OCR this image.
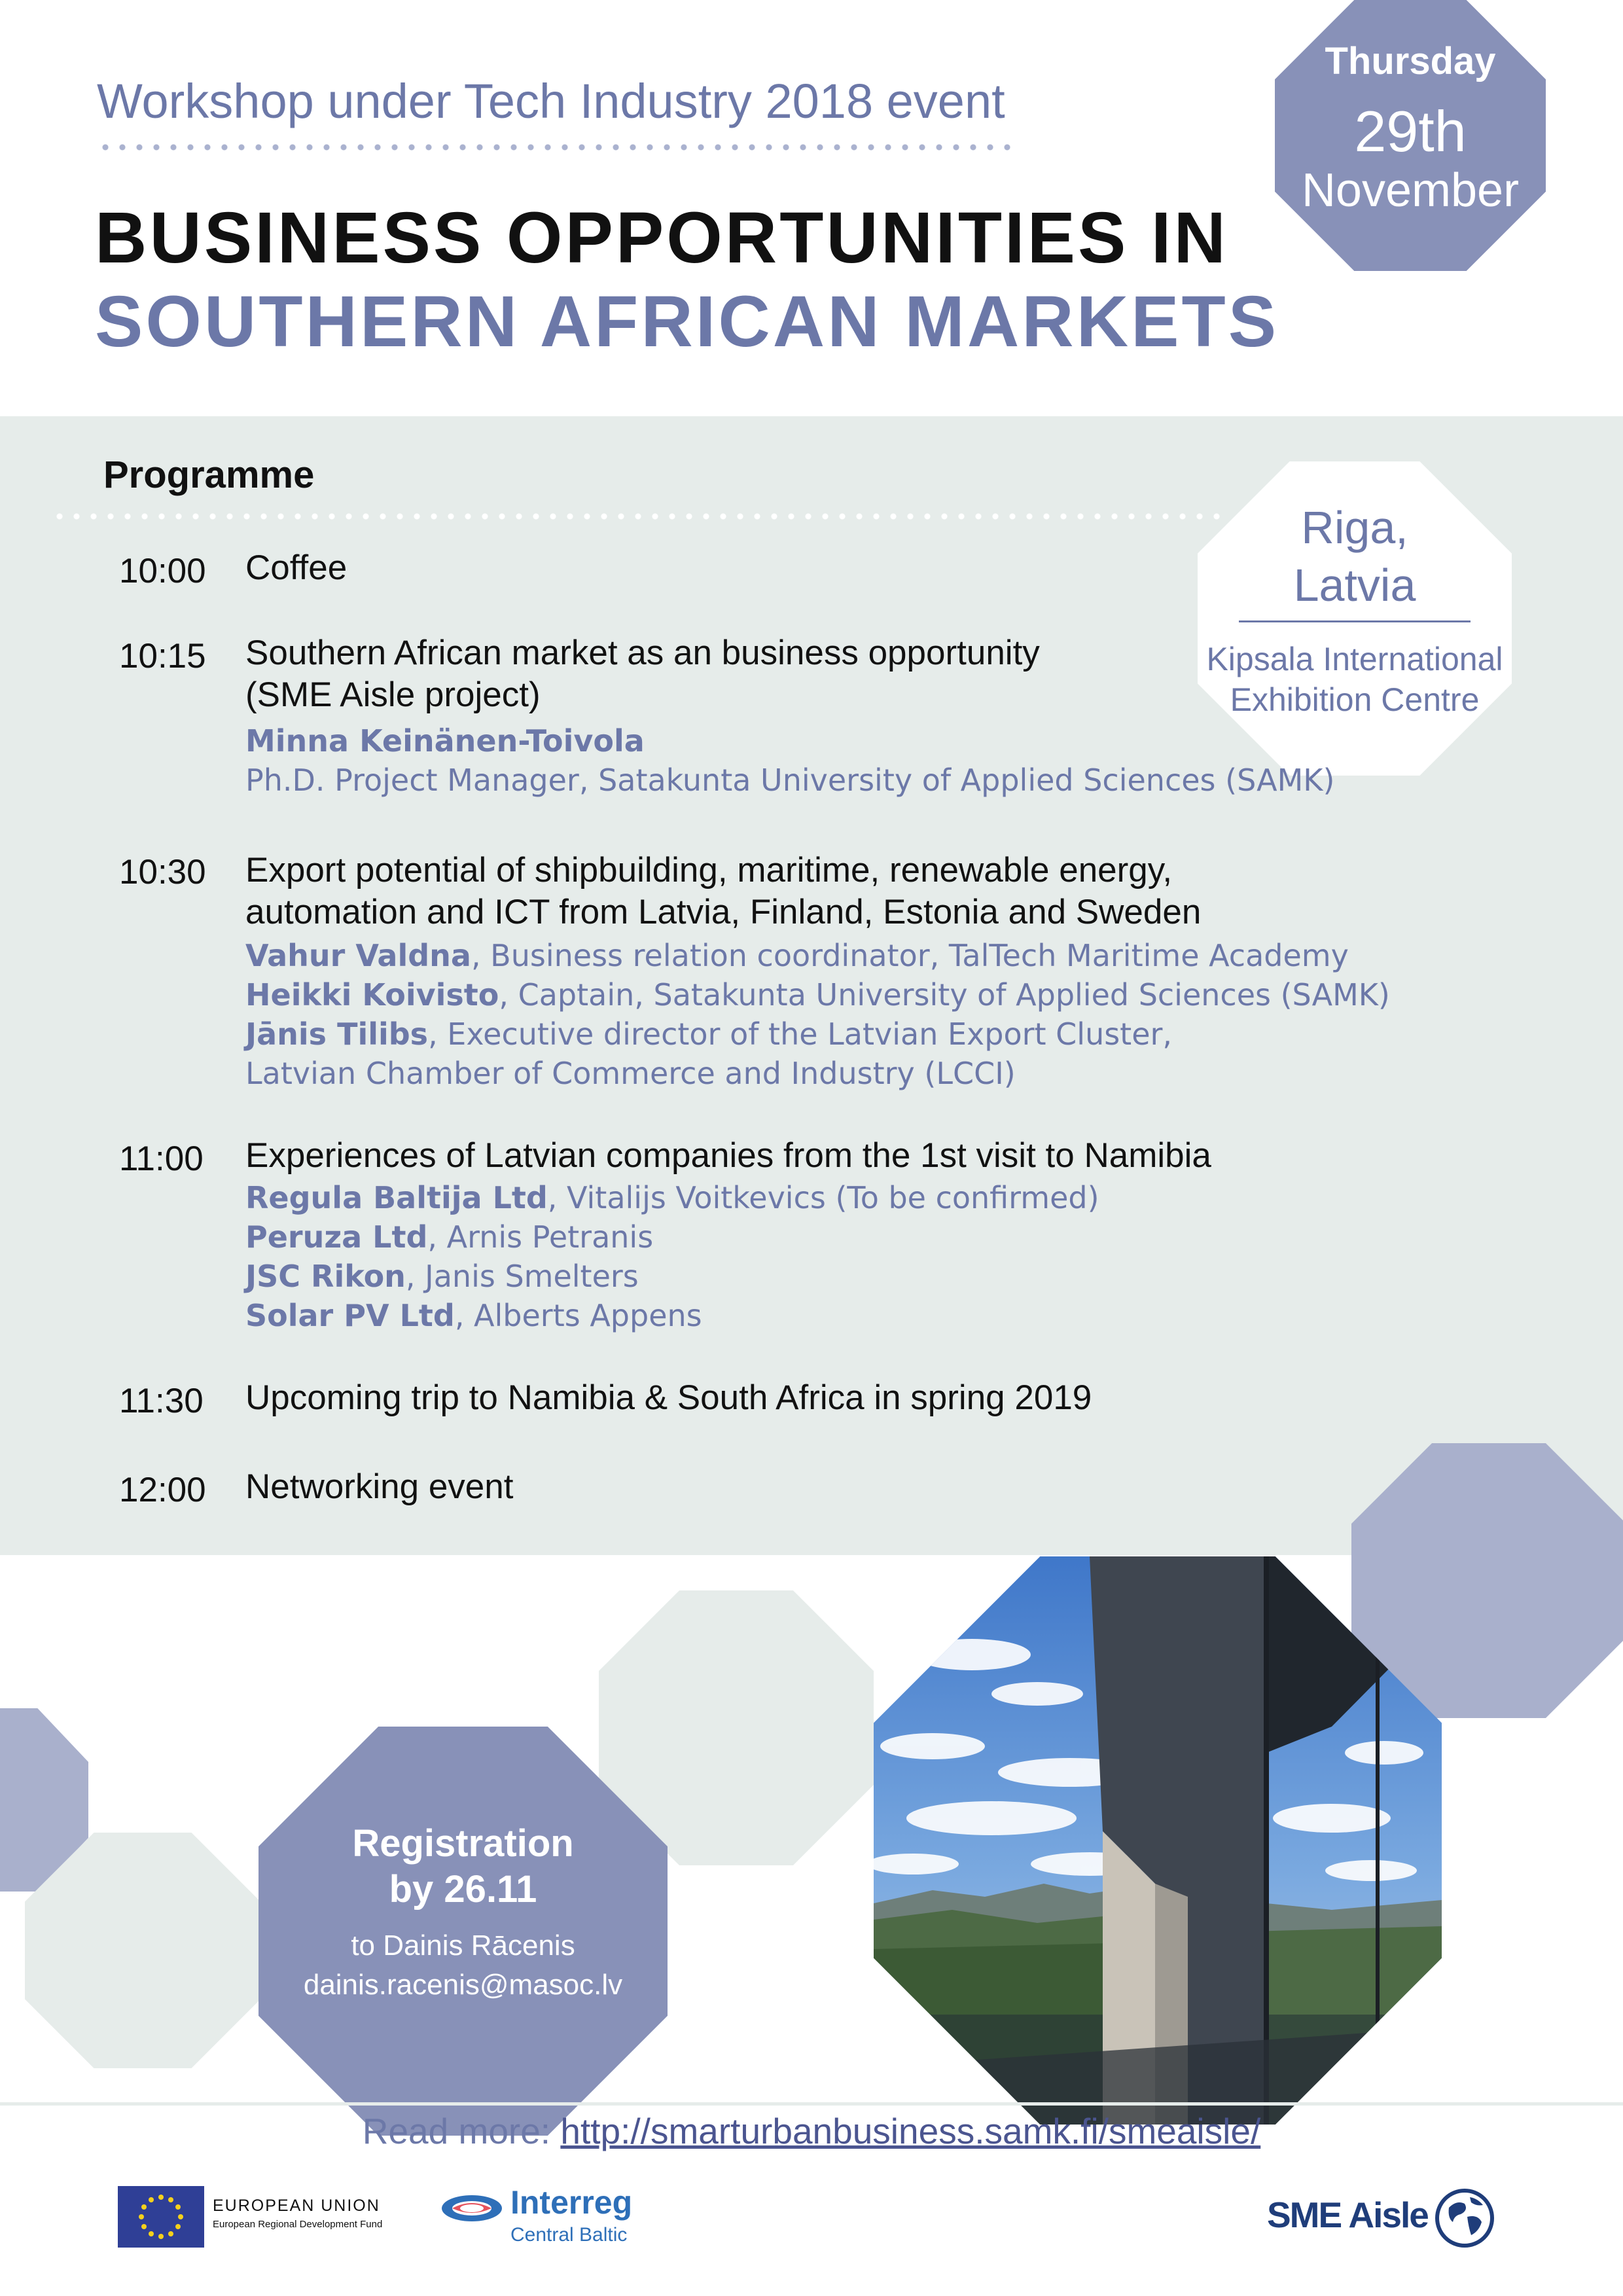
Workshop under Tech Industry 2018 event
BUSINESS OPPORTUNITIES IN
SOUTHERN AFRICAN MARKETS
Thursday
29th
November
Programme
Riga,
Latvia
Kipsala International
Exhibition Centre
10:00 Coffee
10:15 Southern African market as an business opportunity
(SME Aisle project)
Minna Keinänen-Toivola
Ph.D. Project Manager, Satakunta University of Applied Sciences (SAMK)
10:30 Export potential of shipbuilding, maritime, renewable energy,
automation and ICT from Latvia, Finland, Estonia and Sweden
Vahur Valdna, Business relation coordinator, TalTech Maritime Academy
Heikki Koivisto, Captain, Satakunta University of Applied Sciences (SAMK)
Jānis Tilibs, Executive director of the Latvian Export Cluster,
Latvian Chamber of Commerce and Industry (LCCI)
11:00 Experiences of Latvian companies from the 1st visit to Namibia
Regula Baltija Ltd, Vitalijs Voitkevics (To be confirmed)
Peruza Ltd, Arnis Petranis
JSC Rikon, Janis Smelters
Solar PV Ltd, Alberts Appens
11:30 Upcoming trip to Namibia & South Africa in spring 2019
12:00 Networking event
Registration
by 26.11
to Dainis Rācenis
dainis.racenis@masoc.lv
Read more: http://smarturbanbusiness.samk.fi/smeaisle/
EUROPEAN UNION
European Regional Development Fund
Interreg
Central Baltic	SME Aisle
